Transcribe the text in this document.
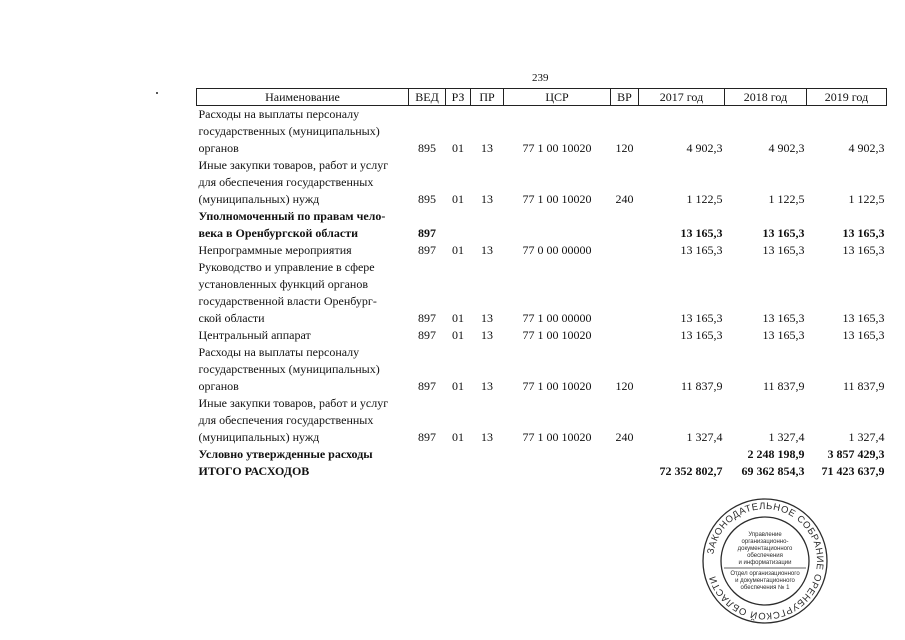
239
Наименование	ВЕД	РЗ	ПР	ЦСР	ВР	2017 год	2018 год	2019 год

Расходы на выплаты персоналу
государственных (муниципальных)
органов	895	01	13	77 1 00 10020	120	4 902,3	4 902,3	4 902,3

Иные закупки товаров, работ и услуг
для обеспечения государственных
(муниципальных) нужд	895	01	13	77 1 00 10020	240	1 122,5	1 122,5	1 122,5

Уполномоченный по правам чело-
века в Оренбургской области	897					13 165,3	13 165,3	13 165,3

Непрограммные мероприятия	897	01	13	77 0 00 00000		13 165,3	13 165,3	13 165,3

Руководство и управление в сфере
установленных функций органов
государственной власти Оренбург-
ской области	897	01	13	77 1 00 00000		13 165,3	13 165,3	13 165,3

Центральный аппарат	897	01	13	77 1 00 10020		13 165,3	13 165,3	13 165,3

Расходы на выплаты персоналу
государственных (муниципальных)
органов	897	01	13	77 1 00 10020	120	11 837,9	11 837,9	11 837,9

Иные закупки товаров, работ и услуг
для обеспечения государственных
(муниципальных) нужд	897	01	13	77 1 00 10020	240	1 327,4	1 327,4	1 327,4

Условно утвержденные расходы							2 248 198,9	3 857 429,3

ИТОГО РАСХОДОВ						72 352 802,7	69 362 854,3	71 423 637,9
ЗАКОНОДАТЕЛЬНОЕ СОБРАНИЕ ОРЕНБУРГСКОЙ ОБЛАСТИ
Управление
организационно-
документационного
обеспечения
и информатизации
Отдел организационного
и документационного
обеспечения № 1
